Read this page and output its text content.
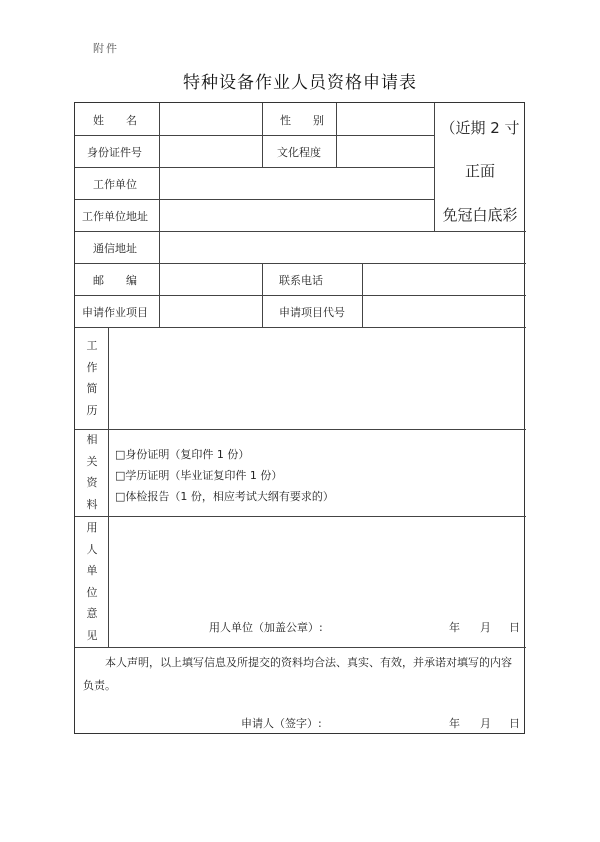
附件
特种设备作业人员资格申请表
姓　　名	性　　别
身份证件号	文化程度
工作单位
工作单位地址
通信地址
邮　　编	联系电话
申请作业项目	申请项目代号
（近期 2 寸
正面
免冠白底彩
工
作
简
历
相
关
资
料
□身份证明（复印件 1 份）
□学历证明（毕业证复印件 1 份）
□体检报告（1 份，相应考试大纲有要求的）
用
人
单
位
意
见
用人单位（加盖公章）:	年 月 日
本人声明，以上填写信息及所提交的资料均合法、真实、有效，并承诺对填写的内容负责。
申请人（签字）:	年 月 日
